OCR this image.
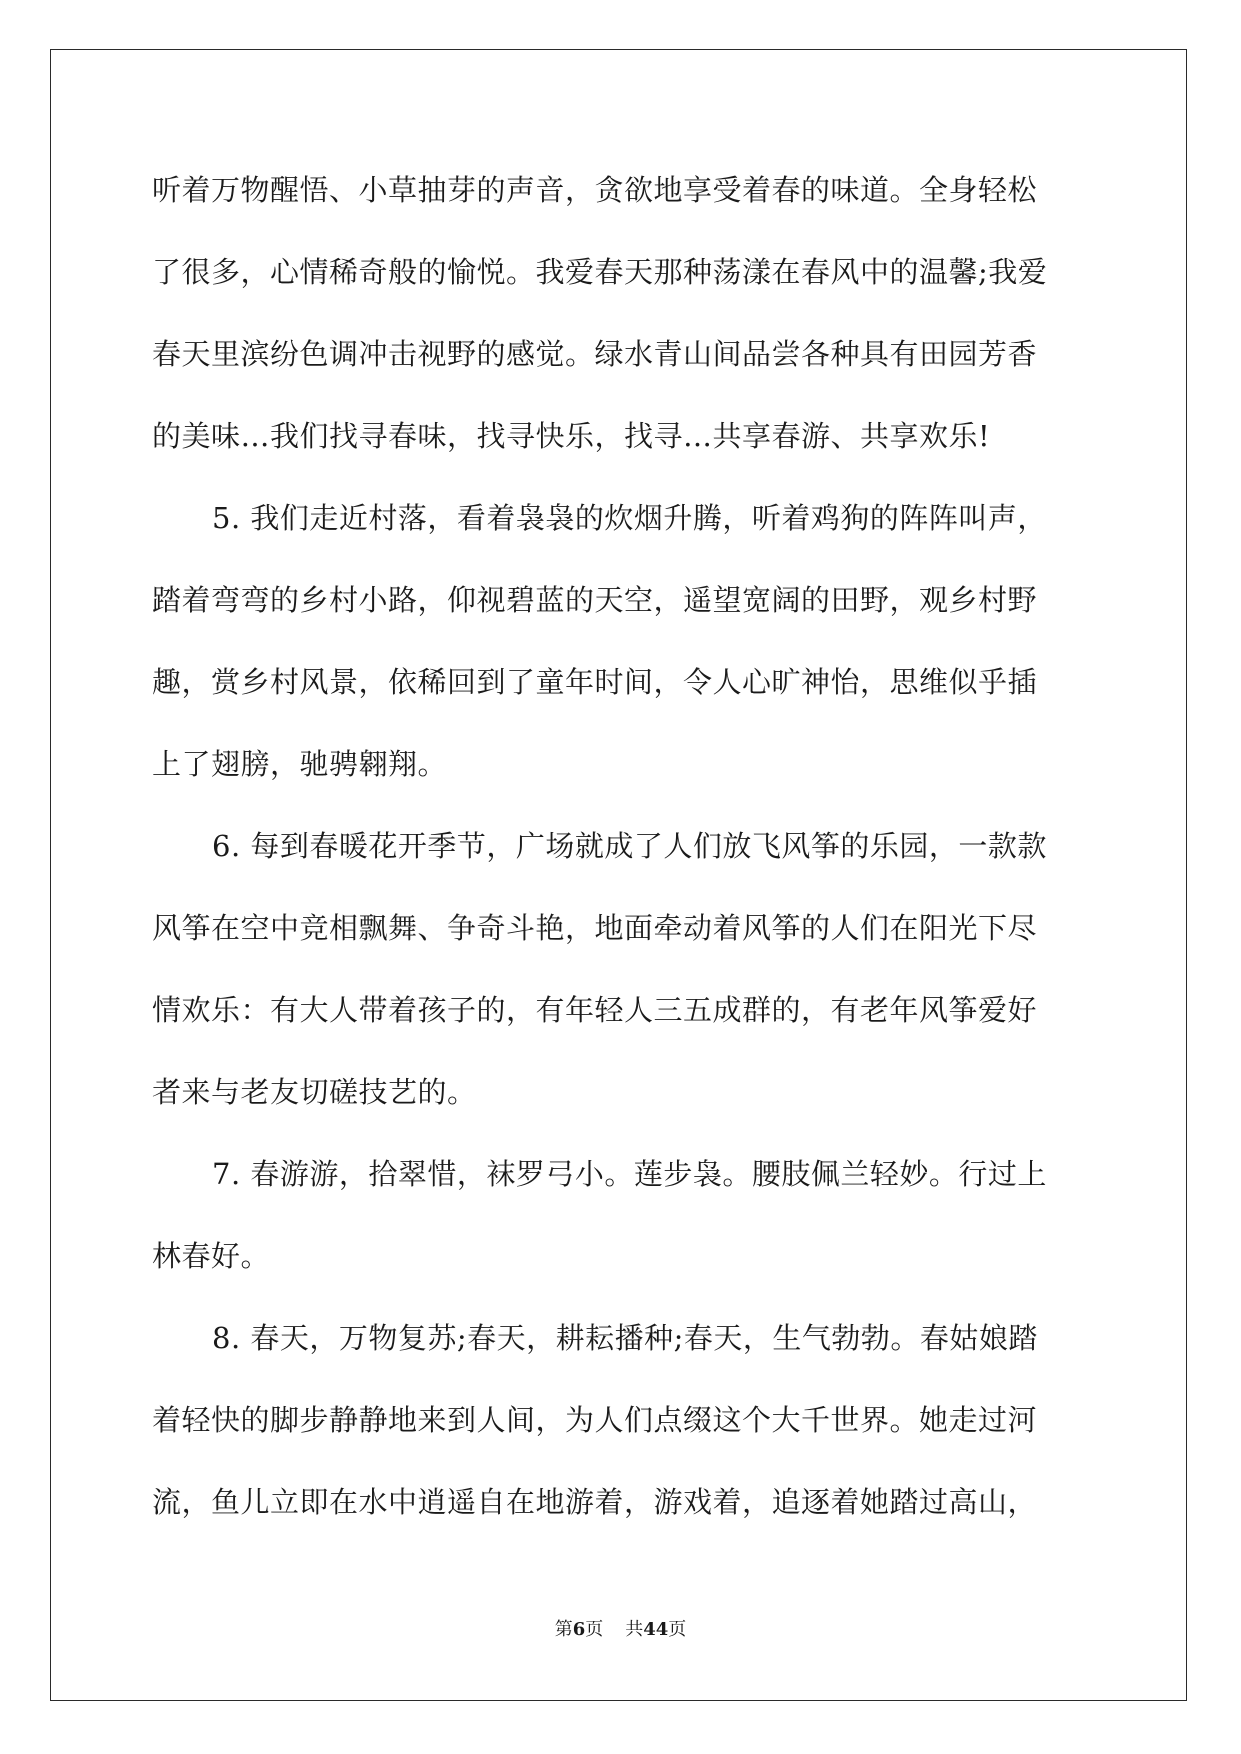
听着万物醒悟、小草抽芽的声音，贪欲地享受着春的味道。全身轻松
了很多，心情稀奇般的愉悦。我爱春天那种荡漾在春风中的温馨;我爱
春天里滨纷色调冲击视野的感觉。绿水青山间品尝各种具有田园芳香
的美味…我们找寻春味，找寻快乐，找寻…共享春游、共享欢乐!
5. 我们走近村落，看着袅袅的炊烟升腾，听着鸡狗的阵阵叫声，
踏着弯弯的乡村小路，仰视碧蓝的天空，遥望宽阔的田野，观乡村野
趣，赏乡村风景，依稀回到了童年时间，令人心旷神怡，思维似乎插
上了翅膀，驰骋翱翔。
6. 每到春暖花开季节，广场就成了人们放飞风筝的乐园，一款款
风筝在空中竞相飘舞、争奇斗艳，地面牵动着风筝的人们在阳光下尽
情欢乐：有大人带着孩子的，有年轻人三五成群的，有老年风筝爱好
者来与老友切磋技艺的。
7. 春游游，拾翠惜，袜罗弓小。莲步袅。腰肢佩兰轻妙。行过上
林春好。
8. 春天，万物复苏;春天，耕耘播种;春天，生气勃勃。春姑娘踏
着轻快的脚步静静地来到人间，为人们点缀这个大千世界。她走过河
流，鱼儿立即在水中逍遥自在地游着，游戏着，追逐着她踏过高山，
第6页 共44页
